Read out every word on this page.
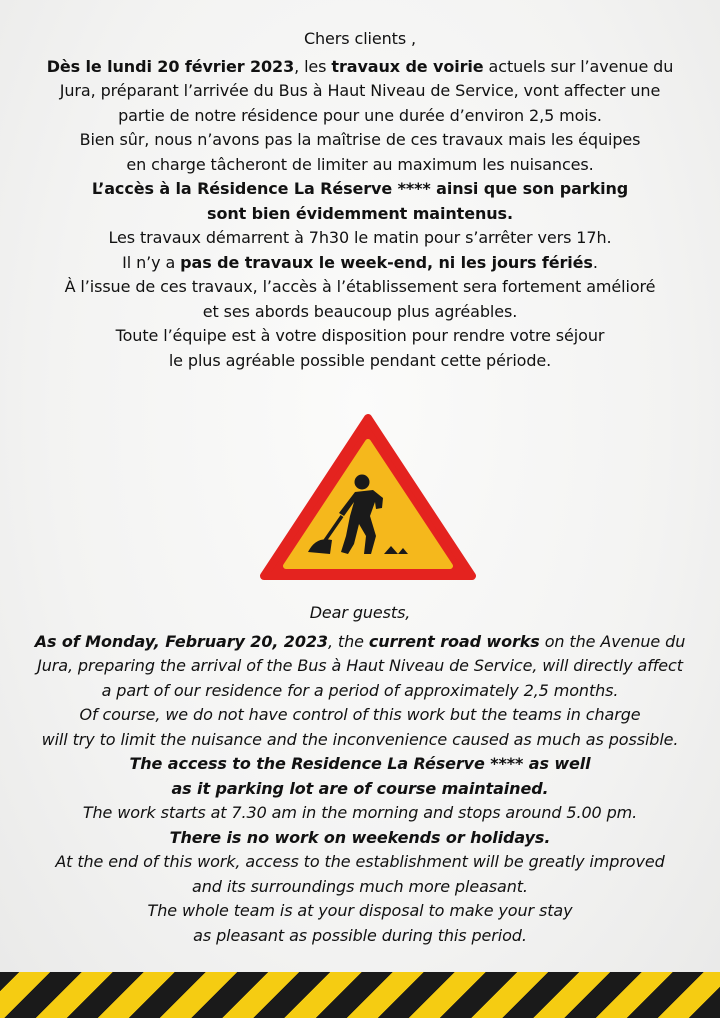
Chers clients ,

Dès le lundi 20 février 2023, les travaux de voirie actuels sur l’avenue du

Jura, préparant l’arrivée du Bus à Haut Niveau de Service, vont affecter une

partie de notre résidence pour une durée d’environ 2,5 mois.

Bien sûr, nous n’avons pas la maîtrise de ces travaux mais les équipes

en charge tâcheront de limiter au maximum les nuisances.

L’accès à la Résidence La Réserve **** ainsi que son parking

sont bien évidemment maintenus.

Les travaux démarrent à 7h30 le matin pour s’arrêter vers 17h.

Il n’y a pas de travaux le week-end, ni les jours fériés.

À l’issue de ces travaux, l’accès à l’établissement sera fortement amélioré

et ses abords beaucoup plus agréables.

Toute l’équipe est à votre disposition pour rendre votre séjour

le plus agréable possible pendant cette période.

Dear guests,

As of Monday, February 20, 2023, the current road works on the Avenue du

Jura, preparing the arrival of the Bus à Haut Niveau de Service, will directly affect

a part of our residence for a period of approximately 2,5 months.

Of course, we do not have control of this work but the teams in charge

will try to limit the nuisance and the inconvenience caused as much as possible.

The access to the Residence La Réserve **** as well

as it parking lot are of course maintained.

The work starts at 7.30 am in the morning and stops around 5.00 pm.

There is no work on weekends or holidays.

At the end of this work, access to the establishment will be greatly improved

and its surroundings much more pleasant.

The whole team is at your disposal to make your stay

as pleasant as possible during this period.
